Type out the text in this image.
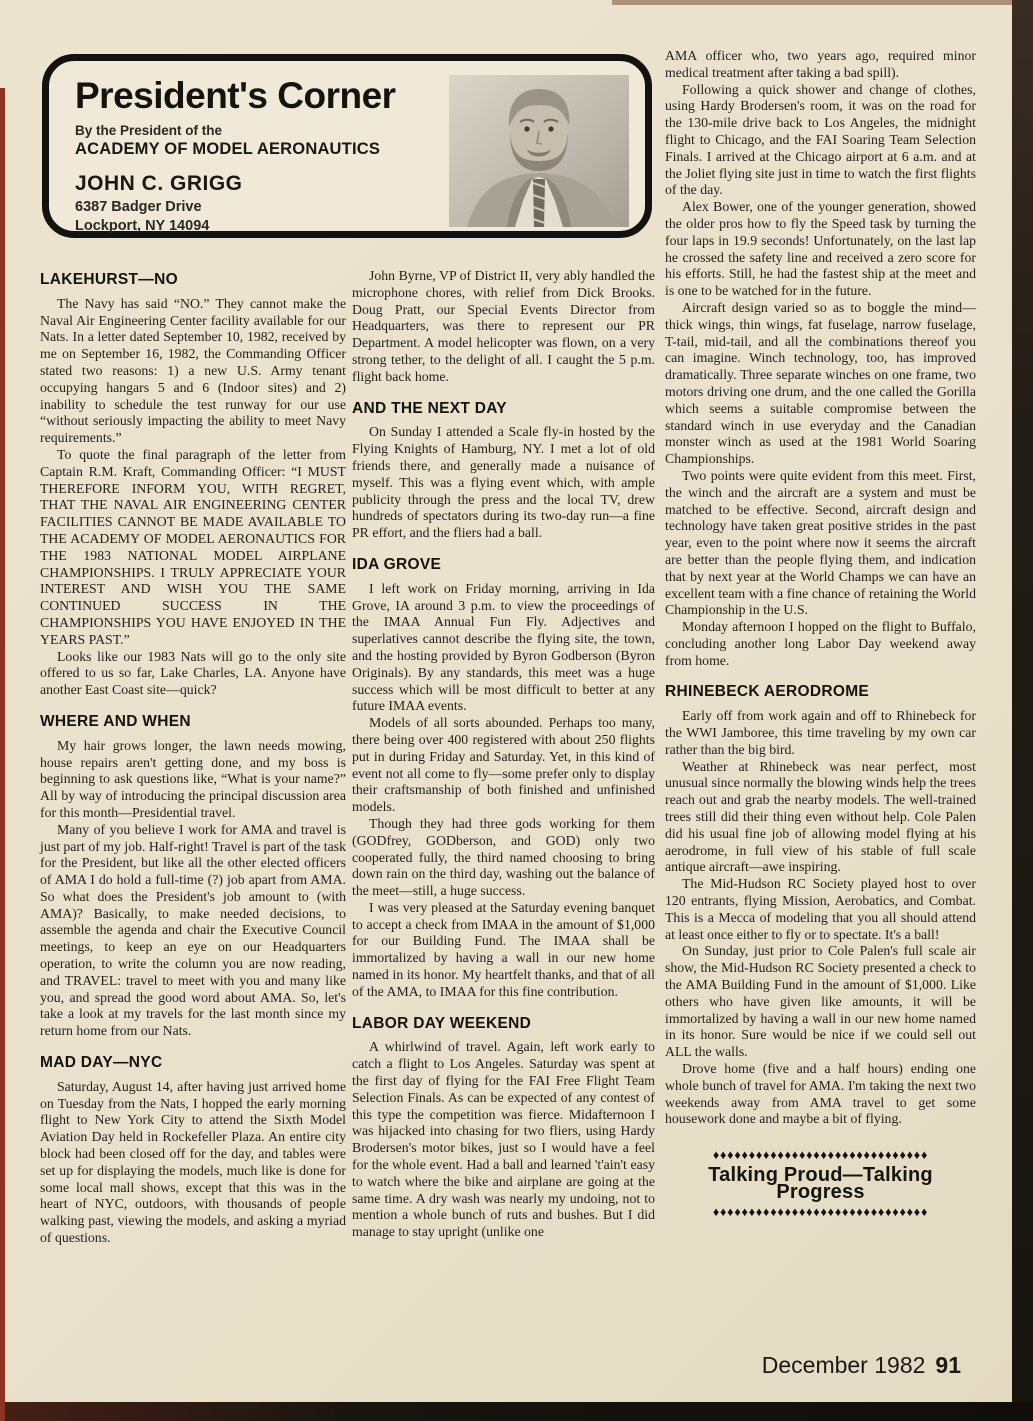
President's Corner
By the President of the
ACADEMY OF MODEL AERONAUTICS
JOHN C. GRIGG
6387 Badger Drive
Lockport, NY 14094
LAKEHURST—NO

The Navy has said “NO.” They cannot make the Naval Air Engineering Center facility available for our Nats. In a letter dated September 10, 1982, received by me on September 16, 1982, the Commanding Officer stated two reasons: 1) a new U.S. Army tenant occupying hangars 5 and 6 (Indoor sites) and 2) inability to schedule the test runway for our use “without seriously impacting the ability to meet Navy requirements.”

To quote the final paragraph of the letter from Captain R.M. Kraft, Commanding Officer: “I MUST THEREFORE INFORM YOU, WITH REGRET, THAT THE NAVAL AIR ENGINEERING CENTER FACILITIES CANNOT BE MADE AVAILABLE TO THE ACADEMY OF MODEL AERONAUTICS FOR THE 1983 NATIONAL MODEL AIRPLANE CHAMPIONSHIPS. I TRULY APPRECIATE YOUR INTEREST AND WISH YOU THE SAME CONTINUED SUCCESS IN THE CHAMPIONSHIPS YOU HAVE ENJOYED IN THE YEARS PAST.”

Looks like our 1983 Nats will go to the only site offered to us so far, Lake Charles, LA. Anyone have another East Coast site—quick?

WHERE AND WHEN

My hair grows longer, the lawn needs mowing, house repairs aren't getting done, and my boss is beginning to ask questions like, “What is your name?” All by way of introducing the principal discussion area for this month—Presidential travel.

Many of you believe I work for AMA and travel is just part of my job. Half-right! Travel is part of the task for the President, but like all the other elected officers of AMA I do hold a full-time (?) job apart from AMA. So what does the President's job amount to (with AMA)? Basically, to make needed decisions, to assemble the agenda and chair the Executive Council meetings, to keep an eye on our Headquarters operation, to write the column you are now reading, and TRAVEL: travel to meet with you and many like you, and spread the good word about AMA. So, let's take a look at my travels for the last month since my return home from our Nats.

MAD DAY—NYC

Saturday, August 14, after having just arrived home on Tuesday from the Nats, I hopped the early morning flight to New York City to attend the Sixth Model Aviation Day held in Rockefeller Plaza. An entire city block had been closed off for the day, and tables were set up for displaying the models, much like is done for some local mall shows, except that this was in the heart of NYC, outdoors, with thousands of people walking past, viewing the models, and asking a myriad of questions.

John Byrne, VP of District II, very ably handled the microphone chores, with relief from Dick Brooks. Doug Pratt, our Special Events Director from Headquarters, was there to represent our PR Department. A model helicopter was flown, on a very strong tether, to the delight of all. I caught the 5 p.m. flight back home.

AND THE NEXT DAY

On Sunday I attended a Scale fly-in hosted by the Flying Knights of Hamburg, NY. I met a lot of old friends there, and generally made a nuisance of myself. This was a flying event which, with ample publicity through the press and the local TV, drew hundreds of spectators during its two-day run—a fine PR effort, and the fliers had a ball.

IDA GROVE

I left work on Friday morning, arriving in Ida Grove, IA around 3 p.m. to view the proceedings of the IMAA Annual Fun Fly. Adjectives and superlatives cannot describe the flying site, the town, and the hosting provided by Byron Godberson (Byron Originals). By any standards, this meet was a huge success which will be most difficult to better at any future IMAA events.

Models of all sorts abounded. Perhaps too many, there being over 400 registered with about 250 flights put in during Friday and Saturday. Yet, in this kind of event not all come to fly—some prefer only to display their craftsmanship of both finished and unfinished models.

Though they had three gods working for them (GODfrey, GODberson, and GOD) only two cooperated fully, the third named choosing to bring down rain on the third day, washing out the balance of the meet—still, a huge success.

I was very pleased at the Saturday evening banquet to accept a check from IMAA in the amount of $1,000 for our Building Fund. The IMAA shall be immortalized by having a wall in our new home named in its honor. My heartfelt thanks, and that of all of the AMA, to IMAA for this fine contribution.

LABOR DAY WEEKEND

A whirlwind of travel. Again, left work early to catch a flight to Los Angeles. Saturday was spent at the first day of flying for the FAI Free Flight Team Selection Finals. As can be expected of any contest of this type the competition was fierce. Midafternoon I was hijacked into chasing for two fliers, using Hardy Brodersen's motor bikes, just so I would have a feel for the whole event. Had a ball and learned 't'ain't easy to watch where the bike and airplane are going at the same time. A dry wash was nearly my undoing, not to mention a whole bunch of ruts and bushes. But I did manage to stay upright (unlike one

AMA officer who, two years ago, required minor medical treatment after taking a bad spill).

Following a quick shower and change of clothes, using Hardy Brodersen's room, it was on the road for the 130-mile drive back to Los Angeles, the midnight flight to Chicago, and the FAI Soaring Team Selection Finals. I arrived at the Chicago airport at 6 a.m. and at the Joliet flying site just in time to watch the first flights of the day.

Alex Bower, one of the younger generation, showed the older pros how to fly the Speed task by turning the four laps in 19.9 seconds! Unfortunately, on the last lap he crossed the safety line and received a zero score for his efforts. Still, he had the fastest ship at the meet and is one to be watched for in the future.

Aircraft design varied so as to boggle the mind—thick wings, thin wings, fat fuselage, narrow fuselage, T-tail, mid-tail, and all the combinations thereof you can imagine. Winch technology, too, has improved dramatically. Three separate winches on one frame, two motors driving one drum, and the one called the Gorilla which seems a suitable compromise between the standard winch in use everyday and the Canadian monster winch as used at the 1981 World Soaring Championships.

Two points were quite evident from this meet. First, the winch and the aircraft are a system and must be matched to be effective. Second, aircraft design and technology have taken great positive strides in the past year, even to the point where now it seems the aircraft are better than the people flying them, and indication that by next year at the World Champs we can have an excellent team with a fine chance of retaining the World Championship in the U.S.

Monday afternoon I hopped on the flight to Buffalo, concluding another long Labor Day weekend away from home.

RHINEBECK AERODROME

Early off from work again and off to Rhinebeck for the WWI Jamboree, this time traveling by my own car rather than the big bird.

Weather at Rhinebeck was near perfect, most unusual since normally the blowing winds help the trees reach out and grab the nearby models. The well-trained trees still did their thing even without help. Cole Palen did his usual fine job of allowing model flying at his aerodrome, in full view of his stable of full scale antique aircraft—awe inspiring.

The Mid-Hudson RC Society played host to over 120 entrants, flying Mission, Aerobatics, and Combat. This is a Mecca of modeling that you all should attend at least once either to fly or to spectate. It's a ball!

On Sunday, just prior to Cole Palen's full scale air show, the Mid-Hudson RC Society presented a check to the AMA Building Fund in the amount of $1,000. Like others who have given like amounts, it will be immortalized by having a wall in our new home named in its honor. Sure would be nice if we could sell out ALL the walls.

Drove home (five and a half hours) ending one whole bunch of travel for AMA. I'm taking the next two weekends away from AMA travel to get some housework done and maybe a bit of flying.

♦♦♦♦♦♦♦♦♦♦♦♦♦♦♦♦♦♦♦♦♦♦♦♦♦♦♦♦♦♦
Talking Proud—Talking Progress
♦♦♦♦♦♦♦♦♦♦♦♦♦♦♦♦♦♦♦♦♦♦♦♦♦♦♦♦♦♦
December 1982 91
